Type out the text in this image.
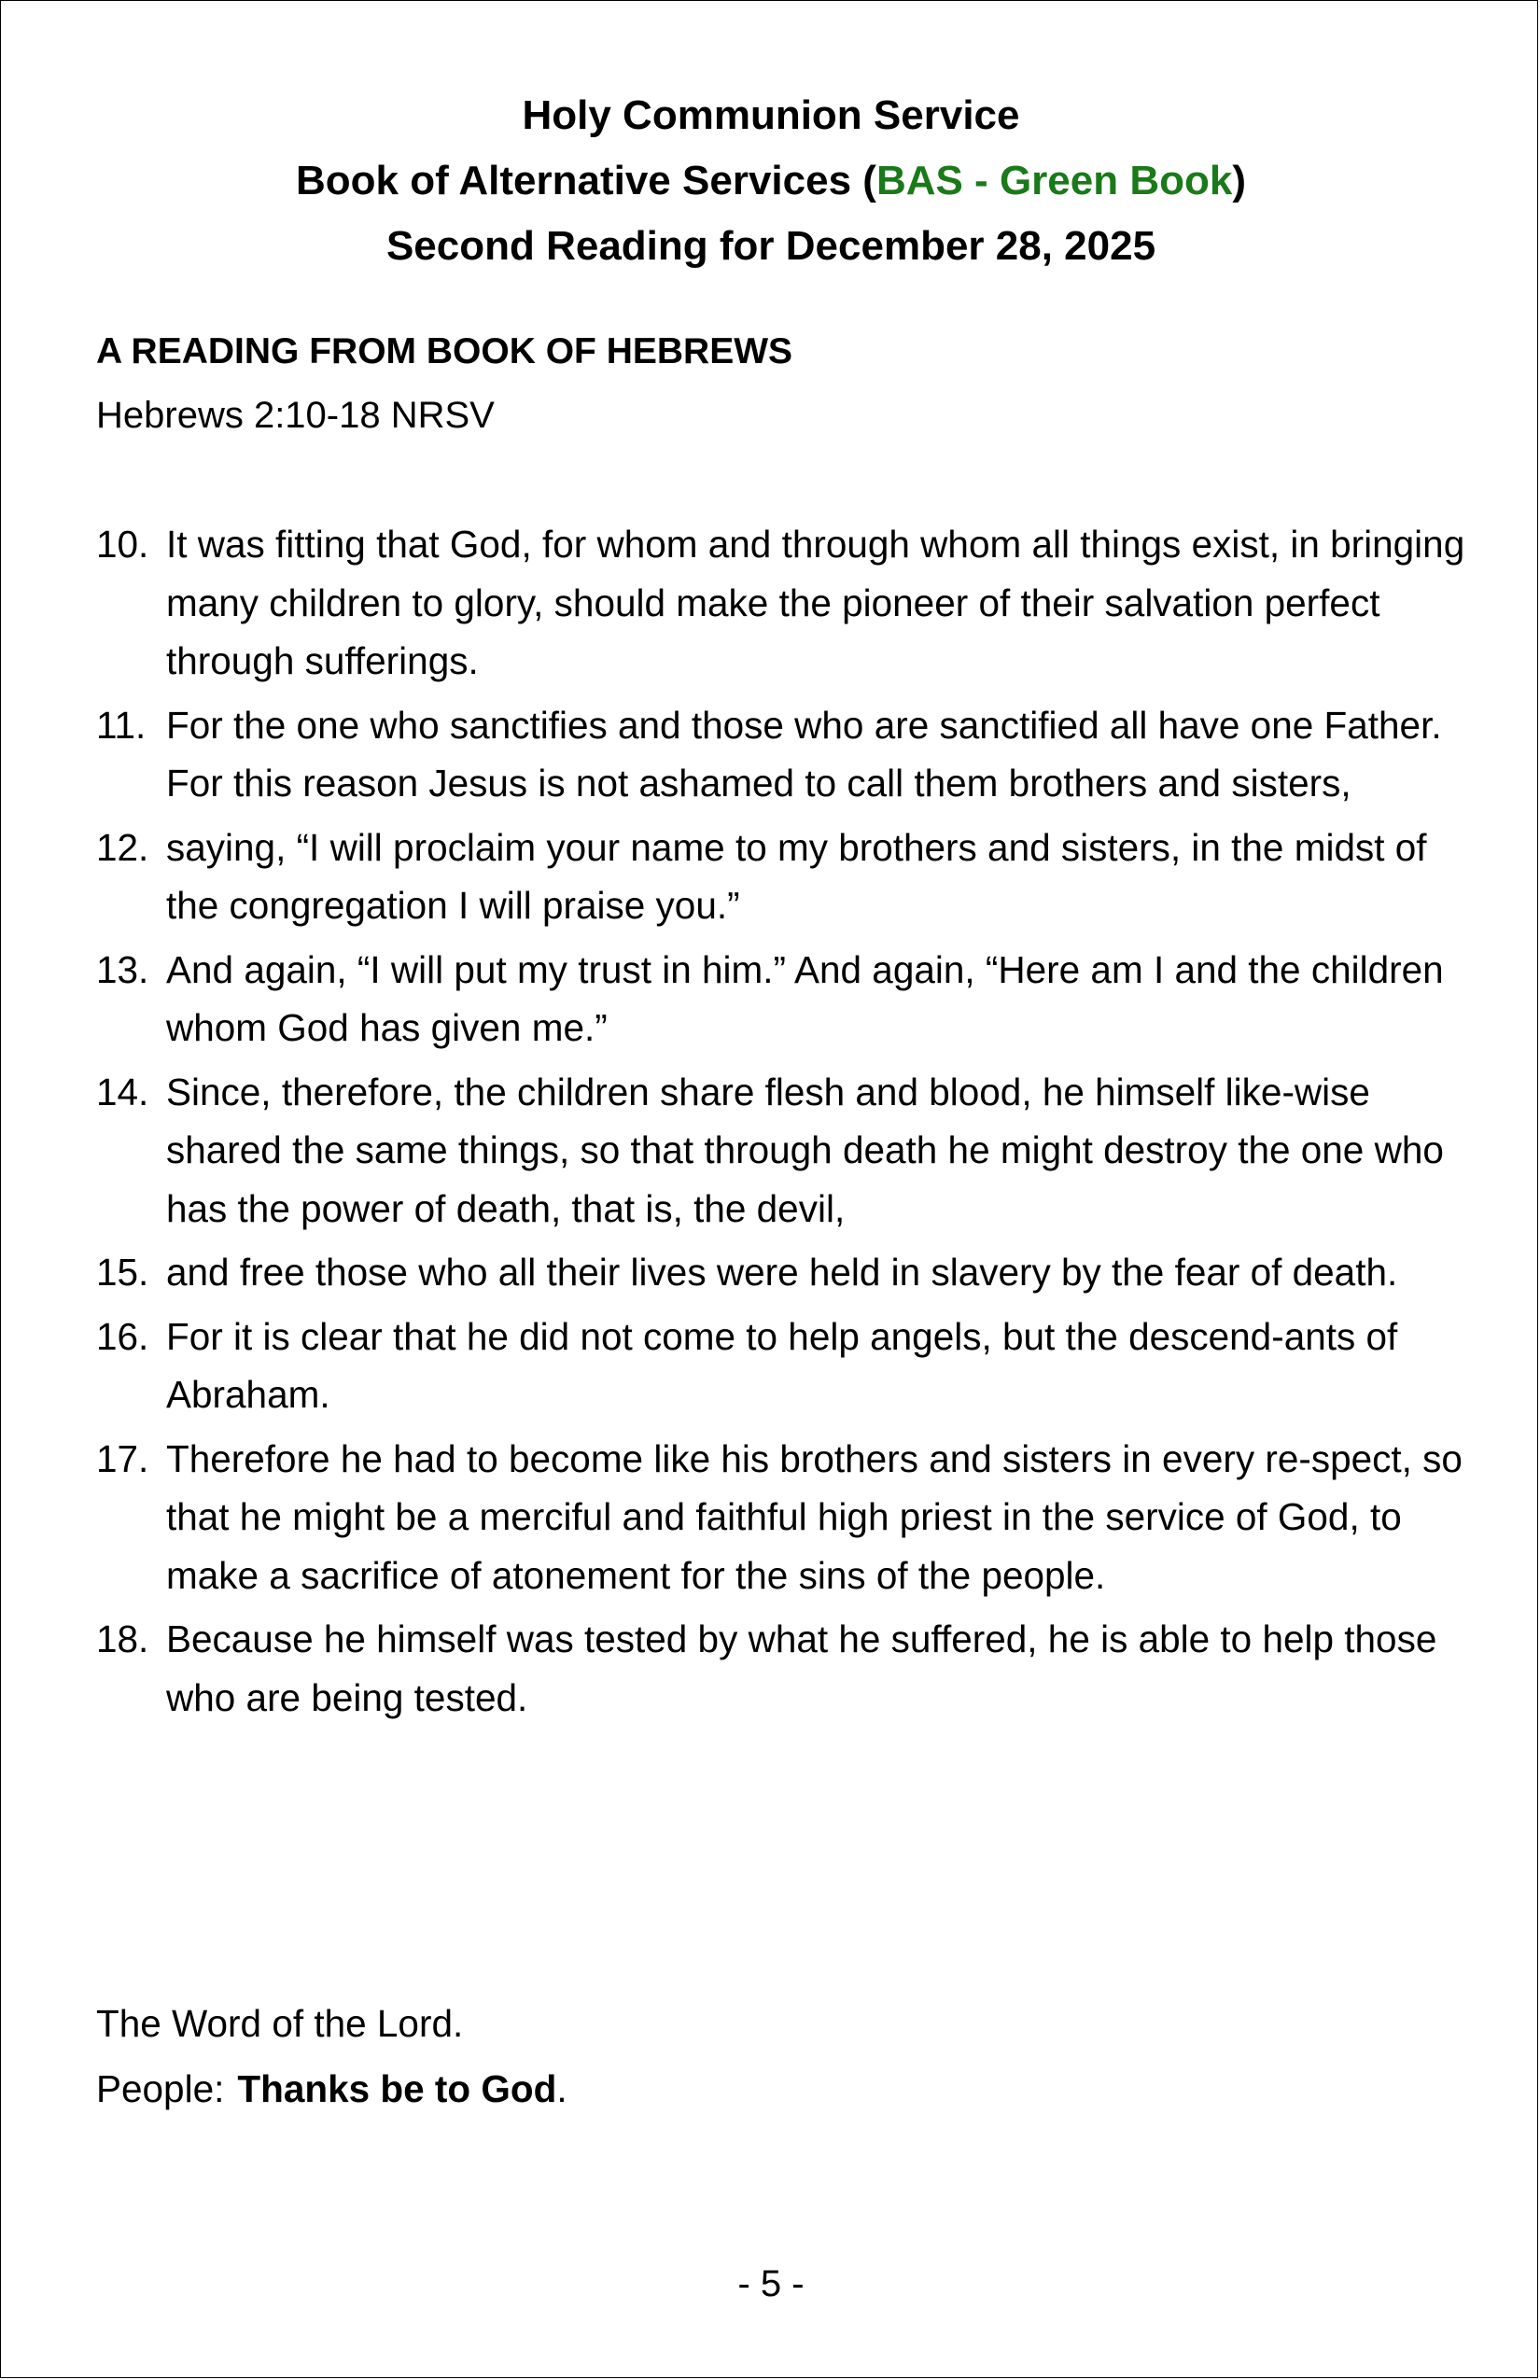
Holy Communion Service
Book of Alternative Services (BAS - Green Book)
Second Reading for December 28, 2025
A READING FROM BOOK OF HEBREWS
Hebrews 2:10-18 NRSV
10. It was fitting that God, for whom and through whom all things exist, in bringing many children to glory, should make the pioneer of their salvation perfect through sufferings.
11. For the one who sanctifies and those who are sanctified all have one Father. For this reason Jesus is not ashamed to call them brothers and sisters,
12. saying, “I will proclaim your name to my brothers and sisters, in the midst of the congregation I will praise you.”
13. And again, “I will put my trust in him.” And again, “Here am I and the children whom God has given me.”
14. Since, therefore, the children share flesh and blood, he himself like-wise shared the same things, so that through death he might destroy the one who has the power of death, that is, the devil,
15. and free those who all their lives were held in slavery by the fear of death.
16. For it is clear that he did not come to help angels, but the descend-ants of Abraham.
17. Therefore he had to become like his brothers and sisters in every re-spect, so that he might be a merciful and faithful high priest in the service of God, to make a sacrifice of atonement for the sins of the people.
18. Because he himself was tested by what he suffered, he is able to help those who are being tested.
The Word of the Lord.
People: Thanks be to God.
- 5 -
